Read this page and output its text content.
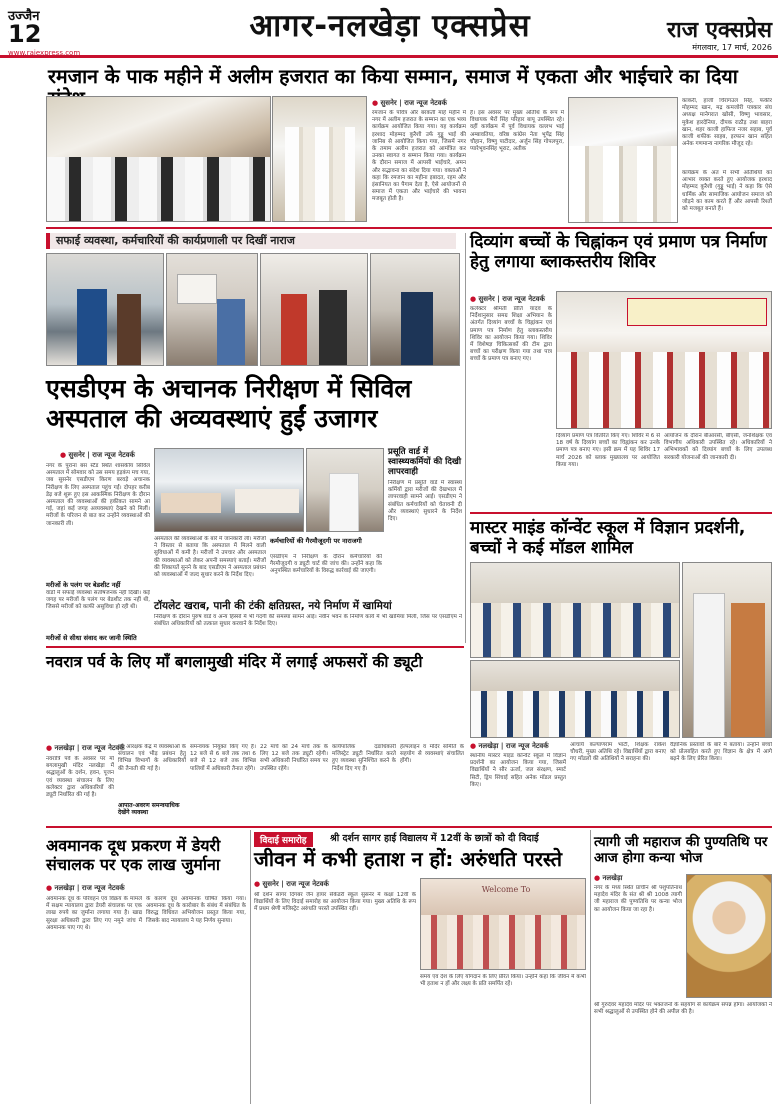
उज्जैन
12
www.rajexpress.com
आगर-नलखेड़ा एक्सप्रेस	राज एक्सप्रेस
मंगलवार, 17 मार्च, 2026
रमजान के पाक महीने में अलीम हजरात का किया सम्मान, समाज में एकता और भाईचारे का दिया
● सुसनेर | राज न्यूज नेटवर्क
रमजान के पवित्र और बरकती माहे महीने में नगर में अलीम हजरात के सम्मान का एक भव्य कार्यक्रम आयोजित किया गया। यह कार्यक्रम इरशाद मोहम्मद कुरैशी उर्फ गुड्डू भाई की जानिब से आयोजित किया गया, जिसमें नगर के तमाम अलीम हजरात को आमंत्रित कर उनका स्वागत व सम्मान किया गया। कार्यक्रम के दौरान समाज में आपसी भाईचारे, अमन और सद्भावना का संदेश दिया गया। वक्ताओं ने कहा कि रमजान का महीना इबादत, रहम और इंसानियत का पैगाम देता है, ऐसे आयोजनों से समाज में एकता और भाईचारे की भावना मजबूत होती है।
है। इस अवसर पर मुख्य अतिथि के रूप में विधायक भैरों सिंह परिहार बापू उपस्थित रहे। वहीं कार्यक्रम में पूर्व विधायक वल्लभ भाई अम्बावतिया, वरिष्ठ कांग्रेस नेता भूपेंद्र सिंह चौहान, विष्णु पाटीदार, अर्जुन सिंह गोपलपुरा, प्यारेभूवनसिंह भूराट, अतीक
कांकरी, हाजी चिरागउल सिंह, फकीर मोहम्मद खान, मद्र कमजोरी पत्रकार संघ अध्यक्ष मानेगरात खोसी, विष्णु भावसार, मुकेश हारदेनिया, दीपक राठौड़ तथा बाहरा खान, शहर काजी हाफिज नजर सहाब, पूर्व काजी शफीक साहब, इरफान खान सहित अनेक गणमान्य नागरिक मौजूद रहे।
कार्यक्रम के अंत में सभी अतिथियों का आभार व्यक्त करते हुए आयोजक इरशाद मोहम्मद कुरैशी (गुड्डू भाई) ने कहा कि ऐसे धार्मिक और सामाजिक आयोजन समाज को जोड़ने का काम करते हैं और आपसी रिश्तों को मजबूत बनाते हैं।
सफाई व्यवस्था, कर्मचारियों की कार्यप्रणाली पर दिखीं नाराज
एसडीएम के अचानक निरीक्षण में सिविल अस्पताल की अव्यवस्थाएं हुईं उजागर
● सुसनेर | राज न्यूज नेटवर्क
नगर के पुराना बस स्टैंड स्थित शासकीय सिविल अस्पताल में सोमवार को उस समय हड़कंप मच गया, जब सुसनेर एसडीएम किरण बरवड़े अचानक निरीक्षण के लिए अस्पताल पहुंच गईं। दोपहर करीब डेढ़ बजे शुरू हुए इस आकस्मिक निरीक्षण के दौरान अस्पताल की व्यवस्थाओं की हकीकत सामने आ गई, जहां कई जगह अव्यवस्थाएं देखने को मिलीं। मरीजों के परिजन से बात कर उन्होंने व्यवस्थाओं की जानकारी ली।
मरीजों के पलंग पर बेडशीट नहीं
वार्डों में सफाई व्यवस्था संतोषजनक नहीं दिखी। कई जगह पर मरीजों के पलंग पर बेडशीट तक नहीं थी, जिससे मरीजों को काफी असुविधा हो रही थी।
मरीजों से सीधा संवाद कर जानी स्थिति
अस्पताल की व्यवस्थाओं के बारे में जानकारी ली। मरीजों ने विस्तार से बताया कि अस्पताल में मिलने वाली सुविधाओं में कमी है। मरीजों ने उपचार और अस्पताल की व्यवस्थाओं को लेकर अपनी समस्याएं बताईं। मरीजों की शिकायतें सुनने के बाद एसडीएम ने अस्पताल प्रबंधन को व्यवस्थाओं में जल्द सुधार करने के निर्देश दिए।
कर्मचारियों की गैरमौजूदगी पर नाराजगी
एसडीएम ने निरीक्षण के दौरान कर्मचारियों की गैरमौजूदगी व ड्यूटी चार्ट की जांच की। उन्होंने कहा कि अनुपस्थित कर्मचारियों के विरुद्ध कार्रवाई की जाएगी।
टॉयलेट खराब, पानी की टंकी क्षतिग्रस्त, नये निर्माण में खामियां
निरीक्षण के दौरान पुरुष वार्ड व अन्य हिस्सों में भी गंदगी की समस्या सामने आई। नवीन भवन के निर्माण कार्य में भी खामियां मिलीं, जिस पर एसडीएम ने संबंधित अधिकारियों को तत्काल सुधार करवाने के निर्देश दिए।
प्रसूति वार्ड में स्वास्थ्यकर्मियों की दिखी लापरवाही
निरीक्षण में प्रसूति वार्ड में स्वास्थ्य कर्मियों द्वारा मरीजों की देखभाल में लापरवाही सामने आई। एसडीएम ने संबंधित कर्मचारियों को चेतावनी दी और व्यवस्थाएं सुधारने के निर्देश दिए।
दिव्यांग बच्चों के चिह्नांकन एवं प्रमाण पत्र निर्माण हेतु लगाया ब्लाकस्तरीय शिविर
● सुसनेर | राज न्यूज नेटवर्क
कलेक्टर श्रीमती प्रीति यादव के निर्देशानुसार समग्र शिक्षा अभियान के अंतर्गत दिव्यांग बच्चों के चिह्नांकन एवं प्रमाण पत्र निर्माण हेतु ब्लाकस्तरीय शिविर का आयोजन किया गया। शिविर में विशेषज्ञ चिकित्सकों की टीम द्वारा बच्चों का परीक्षण किया गया तथा पात्र बच्चों के प्रमाण पत्र बनाए गए।
दिव्यांग प्रमाण पत्र वितरित किए गए। शिविर में 6 से 18 वर्ष के दिव्यांग बच्चों का चिह्नांकन कर उनके प्रमाण पत्र बनाए गए। इसी क्रम में यह शिविर 17 मार्च 2026 को ब्लाक मुख्यालय पर आयोजित किया गया।
आयोजन के दौरान बीआरसी, बीएसी, जनशिक्षक एवं विभागीय अधिकारी उपस्थित रहे। अधिकारियों ने अभिभावकों को दिव्यांग बच्चों के लिए उपलब्ध सरकारी योजनाओं की जानकारी दी।
मास्टर माइंड कॉन्वेंट स्कूल में विज्ञान प्रदर्शनी, बच्चों ने कई मॉडल शामिल
● नलखेड़ा | राज न्यूज नेटवर्क
स्थानीय मास्टर माइंड कॉन्वेंट स्कूल में विज्ञान प्रदर्शनी का आयोजन किया गया, जिसमें विद्यार्थियों ने सौर ऊर्जा, जल संरक्षण, स्मार्ट सिटी, ड्रिप सिंचाई सहित अनेक मॉडल प्रस्तुत किए।
आचार्य कल्याणराम भाटी, शिक्षक राकेश चौधरी, मुख्य अतिथि रहे। विद्यार्थियों द्वारा बनाए गए मॉडलों की अतिथियों ने सराहना की।
वैज्ञानिक प्रस्तावों के बारे में बताया। उन्होंने बच्चों को प्रोत्साहित करते हुए विज्ञान के क्षेत्र में आगे बढ़ने के लिए प्रेरित किया।
नवरात्र पर्व के लिए माँ बगलामुखी मंदिर में लगाई अफसरों की ड्यूटी
● नलखेड़ा | राज न्यूज नेटवर्क
नवरात्रि पर्व के अवसर पर माँ बगलामुखी मंदिर नलखेड़ा में श्रद्धालुओं के दर्शन, हवन, पूजन एवं व्यवस्था संचालन के लिए कलेक्टर द्वारा अधिकारियों की ड्यूटी निर्धारित की गई है।
एवं आरक्षक केंद्र में व्यवस्थाओं के संचालन एवं भीड़ प्रबंधन हेतु विभिन्न विभागों के अधिकारियों की तैनाती की गई है।
आपात-अवरण समन्वयाधिक देखेंगे व्यवस्था
समन्वयक नियुक्त किए गए हैं। 12 बजे से 6 बजे तक तथा 6 बजे से 12 बजे तक विभिन्न पालियों में अधिकारी तैनात रहेंगे।
22 मार्च को 24 मार्च तक के लिए 12 बजे तक ड्यूटी रहेगी। सभी अधिकारी निर्धारित समय पर उपस्थित रहेंगे।
कार्यपालिक दंडाधिकारी मजिस्ट्रेट ड्यूटी निर्धारित करते हुए व्यवस्था सुनिश्चित करने के निर्देश दिए गए हैं।
हेल्पलाइन व मंदिर समिति के सहयोग से व्यवस्थाएं संचालित होंगी।
अवमानक दूध प्रकरण में डेयरी संचालक पर एक लाख जुर्माना
● नलखेड़ा | राज न्यूज नेटवर्क
अवमानक दूध के परिवहन एवं विक्रय के मामले में सक्षम न्यायालय द्वारा डेयरी संचालक पर एक लाख रुपये का जुर्माना लगाया गया है। खाद्य सुरक्षा अधिकारी द्वारा लिए गए नमूने जांच में अवमानक पाए गए थे।
के कारण दूध अवमानक घोषित किया गया। अवमानक दूध के कारोबार के संबंध में संबंधित के विरुद्ध विधिवत अभियोजन प्रस्तुत किया गया, जिसके बाद न्यायालय ने यह निर्णय सुनाया।
विदाई समारोह	श्री दर्शन सागर हाई विद्यालय में 12वीं के छात्रों को दी विदाई
जीवन में कभी हताश न हों: अरुंधति परस्ते
Welcome To
● सुसनेर | राज न्यूज नेटवर्क
श्री दर्शन सागर दिगंबर जैन हायर सेकेंडरी स्कूल सुसनेर में कक्षा 12वीं के विद्यार्थियों के लिए विदाई समारोह का आयोजन किया गया। मुख्य अतिथि के रूप में प्रथम श्रेणी मजिस्ट्रेट अरुंधति परस्ते उपस्थित रहीं।
समय एवं देश के लिए योगदान के लिए प्रेरित किया। उन्होंने कहा कि जीवन में कभी भी हताश न हों और लक्ष्य के प्रति समर्पित रहें।
त्यागी जी महाराज की पुण्यतिथि पर आज होगा कन्या भोज
● नलखेड़ा
नगर के मध्य स्थित प्राचीन श्री पशुपतिनाथ महादेव मंदिर के संत श्री श्री 1008 त्यागी जी महाराज की पुण्यतिथि पर कन्या भोज का आयोजन किया जा रहा है।
श्री गुरुदेवर महादेव मंदिर पर भक्तजनों के सहयोग से कार्यक्रम संपन्न होगा। आयोजकों ने सभी श्रद्धालुओं से उपस्थित होने की अपील की है।
